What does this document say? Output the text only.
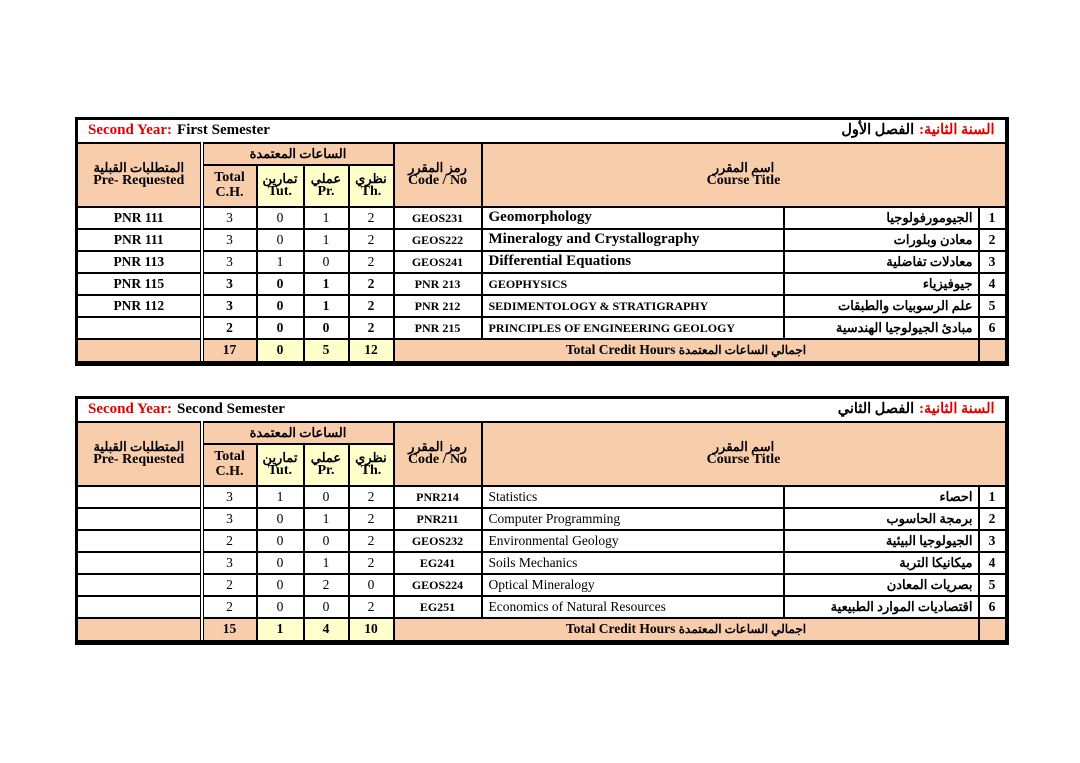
Second Year: First Semester السنة الثانية:
الفصل الأول								

المتطلبات القبلية
Pre- Requested	الساعات المعتمدة				رمز المقرر
Code / No	اسم المقرر
Course Title		

	Total
C.H.	تمارين
Tut.	عملي
Pr.	نظري
Th.				

PNR 111	3	0	1	2	GEOS231	Geomorphology	الجيومورفولوجيا	1
PNR 111	3	0	1	2	GEOS222	Mineralogy and Crystallography	معادن وبلورات	2
PNR 113	3	1	0	2	GEOS241	Differential Equations	معادلات تفاضلية	3
PNR 115	3	0	1	2	PNR 213	GEOPHYSICS	جيوفيزياء	4
PNR 112	3	0	1	2	PNR 212	SEDIMENTOLOGY & STRATIGRAPHY	علم الرسوبيات والطبقات	5
	2	0	0	2	PNR 215	PRINCIPLES OF ENGINEERING GEOLOGY	مبادئ الجيولوجيا الهندسية	6
	17	0	5	12	Total Credit Hours اجمالي الساعات المعتمدة			
Second Year: Second Semester السنة الثانية:
الفصل الثاني								

المتطلبات القبلية
Pre- Requested	الساعات المعتمدة				رمز المقرر
Code / No	اسم المقرر
Course Title		

	Total
C.H.	تمارين
Tut.	عملي
Pr.	نظري
Th.				

	3	1	0	2	PNR214	Statistics	احصاء	1
	3	0	1	2	PNR211	Computer Programming	برمجة الحاسوب	2
	2	0	0	2	GEOS232	Environmental Geology	الجيولوجيا البيئية	3
	3	0	1	2	EG241	Soils Mechanics	ميكانيكا التربة	4
	2	0	2	0	GEOS224	Optical Mineralogy	بصريات المعادن	5
	2	0	0	2	EG251	Economics of Natural Resources	اقتصاديات الموارد الطبيعية	6
	15	1	4	10	Total Credit Hours اجمالي الساعات المعتمدة			
